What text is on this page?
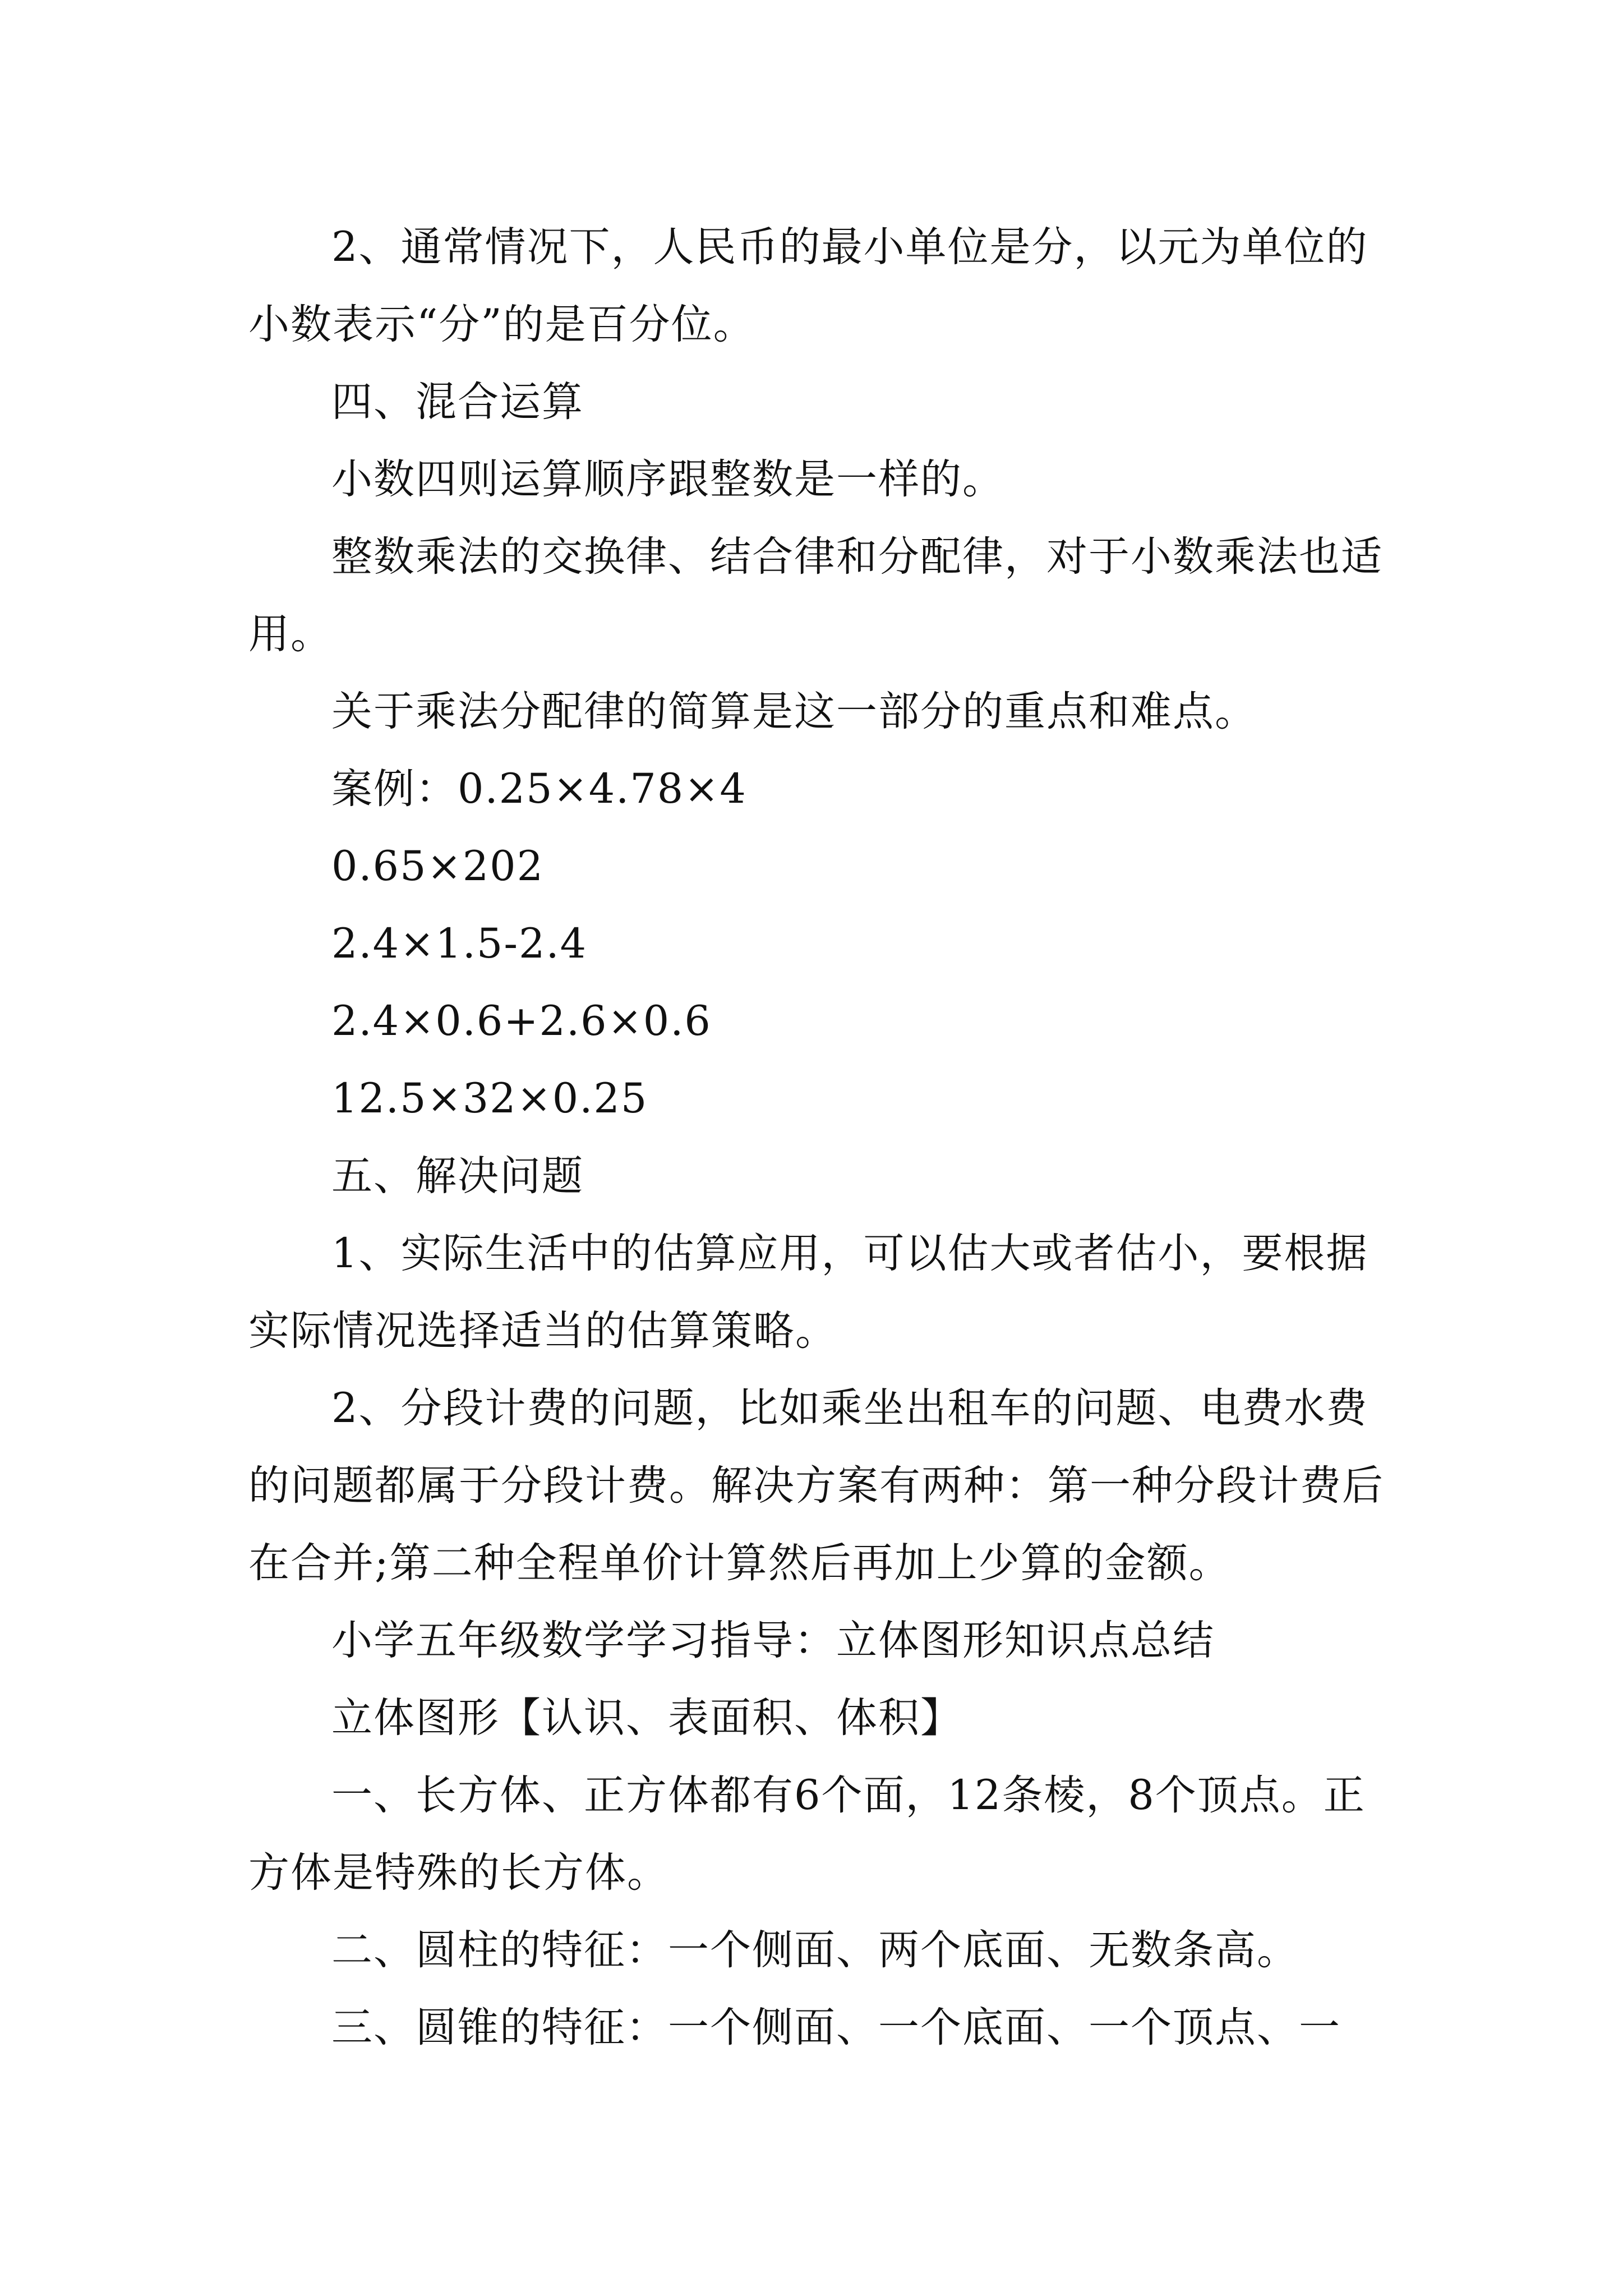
2、通常情况下，人民币的最小单位是分，以元为单位的小数表示“分”的是百分位。

四、混合运算

小数四则运算顺序跟整数是一样的。

整数乘法的交换律、结合律和分配律，对于小数乘法也适用。

关于乘法分配律的简算是这一部分的重点和难点。

案例：0.25×4.78×4

0.65×202

2.4×1.5-2.4

2.4×0.6+2.6×0.6

12.5×32×0.25

五、解决问题

1、实际生活中的估算应用，可以估大或者估小，要根据实际情况选择适当的估算策略。

2、分段计费的问题，比如乘坐出租车的问题、电费水费的问题都属于分段计费。解决方案有两种：第一种分段计费后在合并;第二种全程单价计算然后再加上少算的金额。

小学五年级数学学习指导：立体图形知识点总结

立体图形【认识、表面积、体积】

一、长方体、正方体都有6个面，12条棱，8个顶点。正方体是特殊的长方体。

二、圆柱的特征：一个侧面、两个底面、无数条高。

三、圆锥的特征：一个侧面、一个底面、一个顶点、一
